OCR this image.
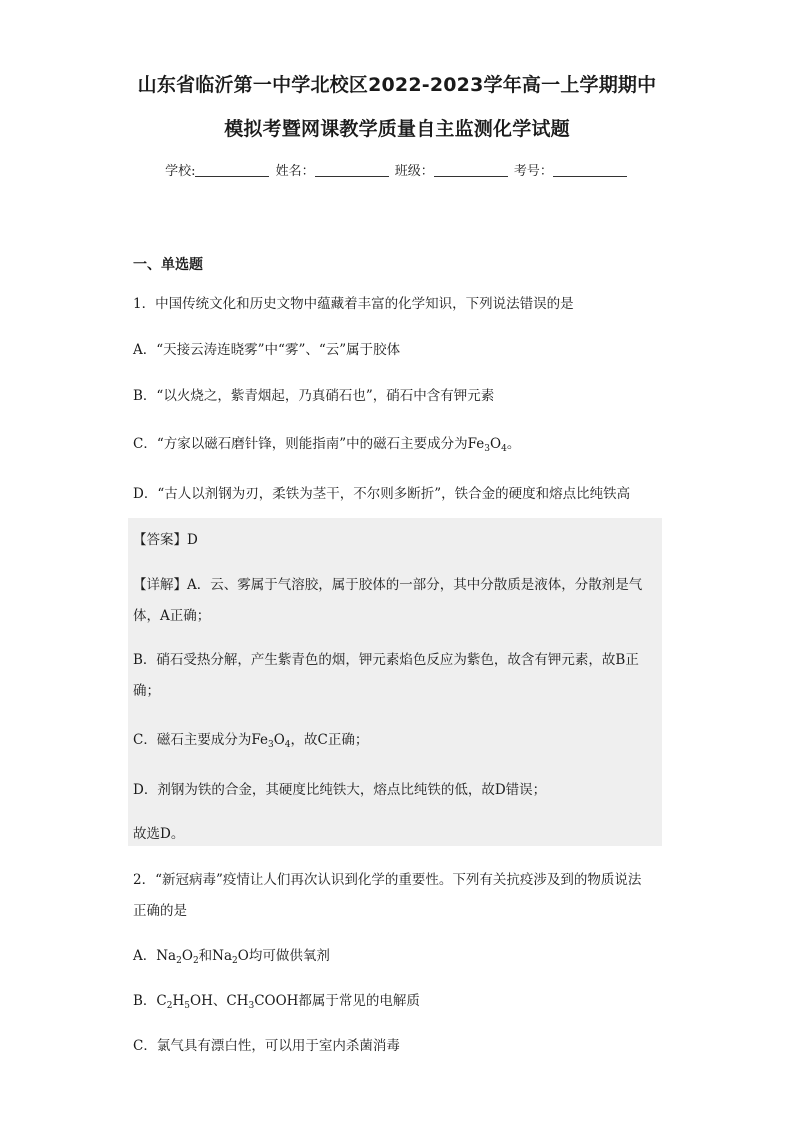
山东省临沂第一中学北校区2022-2023学年高一上学期期中
模拟考暨网课教学质量自主监测化学试题
学校:	姓名：	班级：	考号：
一、单选题
1．中国传统文化和历史文物中蕴藏着丰富的化学知识，下列说法错误的是
A．“天接云涛连晓雾”中“雾”、“云”属于胶体
B．“以火烧之，紫青烟起，乃真硝石也”，硝石中含有钾元素
C．“方家以磁石磨针锋，则能指南”中的磁石主要成分为$Fe_3O_4$。
D．“古人以剂钢为刃，柔铁为茎干，不尔则多断折”，铁合金的硬度和熔点比纯铁高
【答案】D
【详解】A．云、雾属于气溶胶，属于胶体的一部分，其中分散质是液体，分散剂是气
体，A正确；
B．硝石受热分解，产生紫青色的烟，钾元素焰色反应为紫色，故含有钾元素，故B正
确；
C．磁石主要成分为$Fe_3O_4$，故C正确；
D．剂钢为铁的合金，其硬度比纯铁大，熔点比纯铁的低，故D错误；
故选D。
2．“新冠病毒”疫情让人们再次认识到化学的重要性。下列有关抗疫涉及到的物质说法
正确的是
A．$Na_2O_2$和$Na_2O$均可做供氧剂
B．$C_2H_5OH$、$CH_3COOH$都属于常见的电解质
C．氯气具有漂白性，可以用于室内杀菌消毒
